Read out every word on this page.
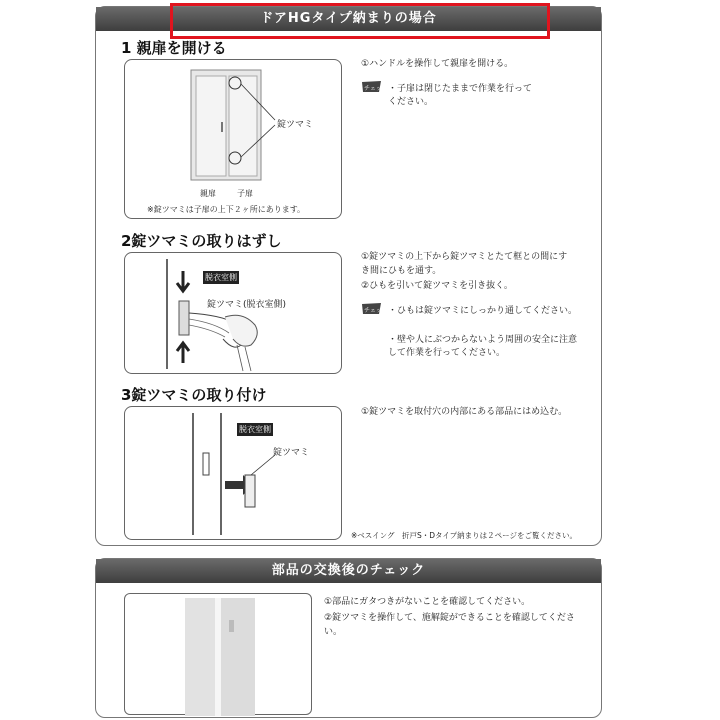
ドアHGタイプ納まりの場合
1 親扉を開ける
錠ツマミ
親扉	子扉
※錠ツマミは子扉の上下２ヶ所にあります。
①ハンドルを操作して親扉を開ける。
チェック!
・子扉は閉じたままで作業を行ってください。
2錠ツマミの取りはずし
脱衣室側
錠ツマミ(脱衣室側)
①錠ツマミの上下から錠ツマミとたて框との間にすき間にひもを通す。
②ひもを引いて錠ツマミを引き抜く。
チェック!
・ひもは錠ツマミにしっかり通してください。
・壁や人にぶつからないよう周囲の安全に注意して作業を行ってください。
3錠ツマミの取り付け
脱衣室側
錠ツマミ
①錠ツマミを取付穴の内部にある部品にはめ込む。
※ベスイング　折戸S・Dタイプ納まりは２ページをご覧ください。
部品の交換後のチェック
①部品にガタつきがないことを確認してください。
②錠ツマミを操作して、施解錠ができることを確認してください。
